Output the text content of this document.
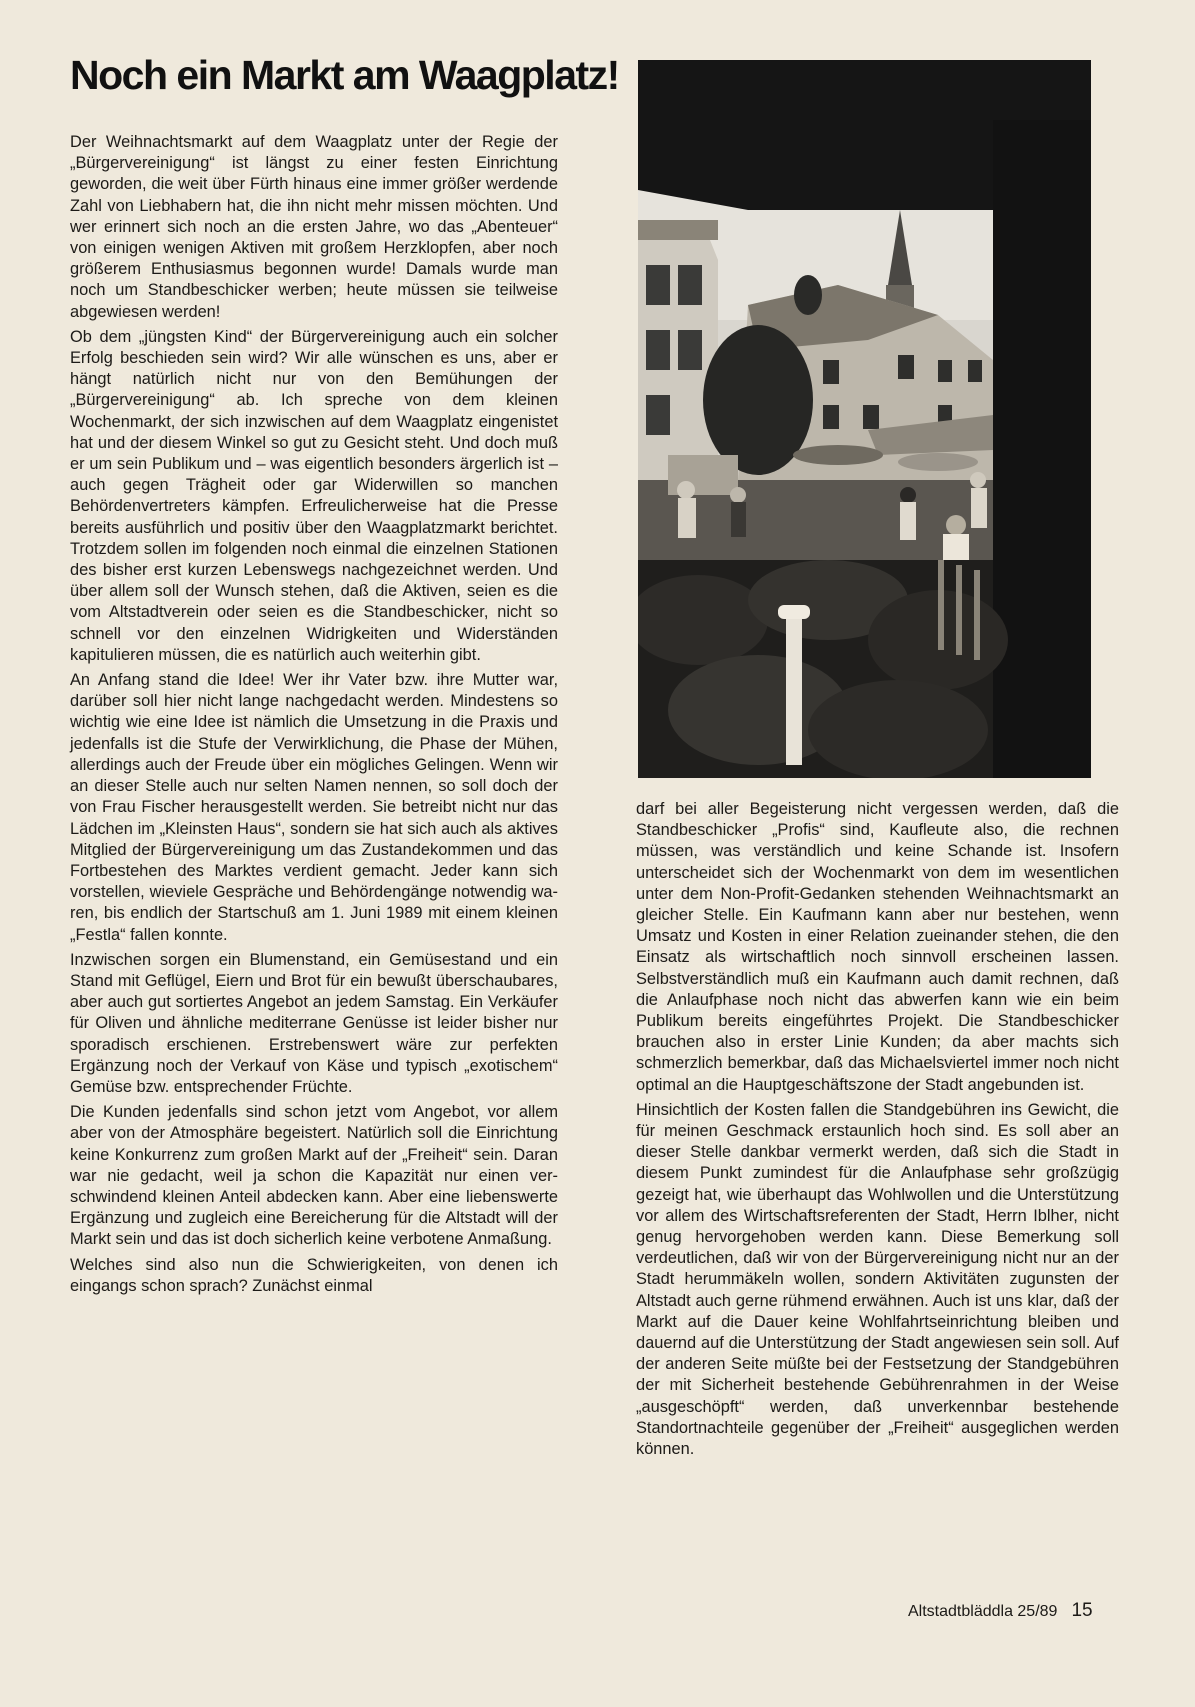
Noch ein Markt am Waagplatz!

Der Weihnachtsmarkt auf dem Waagplatz unter der Regie der „Bürgervereinigung“ ist längst zu einer festen Einrichtung geworden, die weit über Fürth hinaus eine immer größer werdende Zahl von Liebhabern hat, die ihn nicht mehr missen möchten. Und wer erinnert sich noch an die ersten Jahre, wo das „Abenteuer“ von einigen wenigen Aktiven mit großem Herzklopfen, aber noch größerem Enthusiasmus begonnen wurde! Damals wurde man noch um Standbeschicker werben; heute müssen sie teilweise abgewiesen werden!

Ob dem „jüngsten Kind“ der Bürgervereinigung auch ein solcher Erfolg beschieden sein wird? Wir alle wünschen es uns, aber er hängt natürlich nicht nur von den Bemühungen der „Bürgervereinigung“ ab. Ich spreche von dem kleinen Wochenmarkt, der sich inzwischen auf dem Waagplatz eingenistet hat und der diesem Winkel so gut zu Gesicht steht. Und doch muß er um sein Publikum und – was eigentlich besonders ärgerlich ist – auch gegen Trägheit oder gar Widerwillen so manchen Behördenvertreters kämpfen. Erfreulicherweise hat die Presse bereits ausführlich und positiv über den Waagplatzmarkt berichtet. Trotzdem sollen im folgenden noch einmal die einzelnen Stationen des bisher erst kurzen Lebenswegs nachgezeichnet werden. Und über allem soll der Wunsch stehen, daß die Aktiven, seien es die vom Altstadtverein oder seien es die Standbeschicker, nicht so schnell vor den einzelnen Widrigkeiten und Widerständen kapitulieren müssen, die es natürlich auch weiterhin gibt.

An Anfang stand die Idee! Wer ihr Vater bzw. ihre Mutter war, darüber soll hier nicht lange nachgedacht werden. Mindestens so wichtig wie eine Idee ist nämlich die Umsetzung in die Praxis und jedenfalls ist die Stufe der Verwirklichung, die Phase der Mühen, allerdings auch der Freude über ein mögliches Gelingen. Wenn wir an dieser Stelle auch nur selten Namen nennen, so soll doch der von Frau Fischer herausgestellt werden. Sie betreibt nicht nur das Lädchen im „Kleinsten Haus“, sondern sie hat sich auch als aktives Mitglied der Bürgervereinigung um das Zustandekommen und das Fortbestehen des Marktes verdient gemacht. Jeder kann sich vorstellen, wieviele Gespräche und Behördengänge notwendig waren, bis endlich der Startschuß am 1. Juni 1989 mit einem kleinen „Festla“ fallen konnte.

Inzwischen sorgen ein Blumenstand, ein Gemüsestand und ein Stand mit Geflügel, Eiern und Brot für ein bewußt überschaubares, aber auch gut sortiertes Angebot an jedem Samstag. Ein Verkäufer für Oliven und ähnliche mediterrane Genüsse ist leider bisher nur sporadisch erschienen. Erstrebenswert wäre zur perfekten Ergänzung noch der Verkauf von Käse und typisch „exotischem“ Gemüse bzw. entsprechender Früchte.

Die Kunden jedenfalls sind schon jetzt vom Angebot, vor allem aber von der Atmosphäre begeistert. Natürlich soll die Einrichtung keine Konkurrenz zum großen Markt auf der „Freiheit“ sein. Daran war nie gedacht, weil ja schon die Kapazität nur einen verschwindend kleinen Anteil abdecken kann. Aber eine liebenswerte Ergänzung und zugleich eine Bereicherung für die Altstadt will der Markt sein und das ist doch sicherlich keine verbotene Anmaßung.

Welches sind also nun die Schwierigkeiten, von denen ich eingangs schon sprach? Zunächst einmal

darf bei aller Begeisterung nicht vergessen werden, daß die Standbeschicker „Profis“ sind, Kaufleute also, die rechnen müssen, was verständlich und keine Schande ist. Insofern unterscheidet sich der Wochenmarkt von dem im wesentlichen unter dem Non-Profit-Gedanken stehenden Weihnachtsmarkt an gleicher Stelle. Ein Kaufmann kann aber nur bestehen, wenn Umsatz und Kosten in einer Relation zueinander stehen, die den Einsatz als wirtschaftlich noch sinnvoll erscheinen lassen. Selbstverständlich muß ein Kaufmann auch damit rechnen, daß die Anlaufphase noch nicht das abwerfen kann wie ein beim Publikum bereits eingeführtes Projekt. Die Standbeschicker brauchen also in erster Linie Kunden; da aber machts sich schmerzlich bemerkbar, daß das Michaelsviertel immer noch nicht optimal an die Hauptgeschäftszone der Stadt angebunden ist.

Hinsichtlich der Kosten fallen die Standgebühren ins Gewicht, die für meinen Geschmack erstaunlich hoch sind. Es soll aber an dieser Stelle dankbar vermerkt werden, daß sich die Stadt in diesem Punkt zumindest für die Anlaufphase sehr großzügig gezeigt hat, wie überhaupt das Wohlwollen und die Unterstützung vor allem des Wirtschaftsreferenten der Stadt, Herrn Iblher, nicht genug hervorgehoben werden kann. Diese Bemerkung soll verdeutlichen, daß wir von der Bürgervereinigung nicht nur an der Stadt herummäkeln wollen, sondern Aktivitäten zugunsten der Altstadt auch gerne rühmend erwähnen. Auch ist uns klar, daß der Markt auf die Dauer keine Wohlfahrtseinrichtung bleiben und dauernd auf die Unterstützung der Stadt angewiesen sein soll. Auf der anderen Seite müßte bei der Festsetzung der Standgebühren der mit Sicherheit bestehende Gebührenrahmen in der Weise „ausgeschöpft“ werden, daß unverkennbar bestehende Standortnachteile gegenüber der „Freiheit“ ausgeglichen werden können.

Altstadtbläddla 25/89 15
